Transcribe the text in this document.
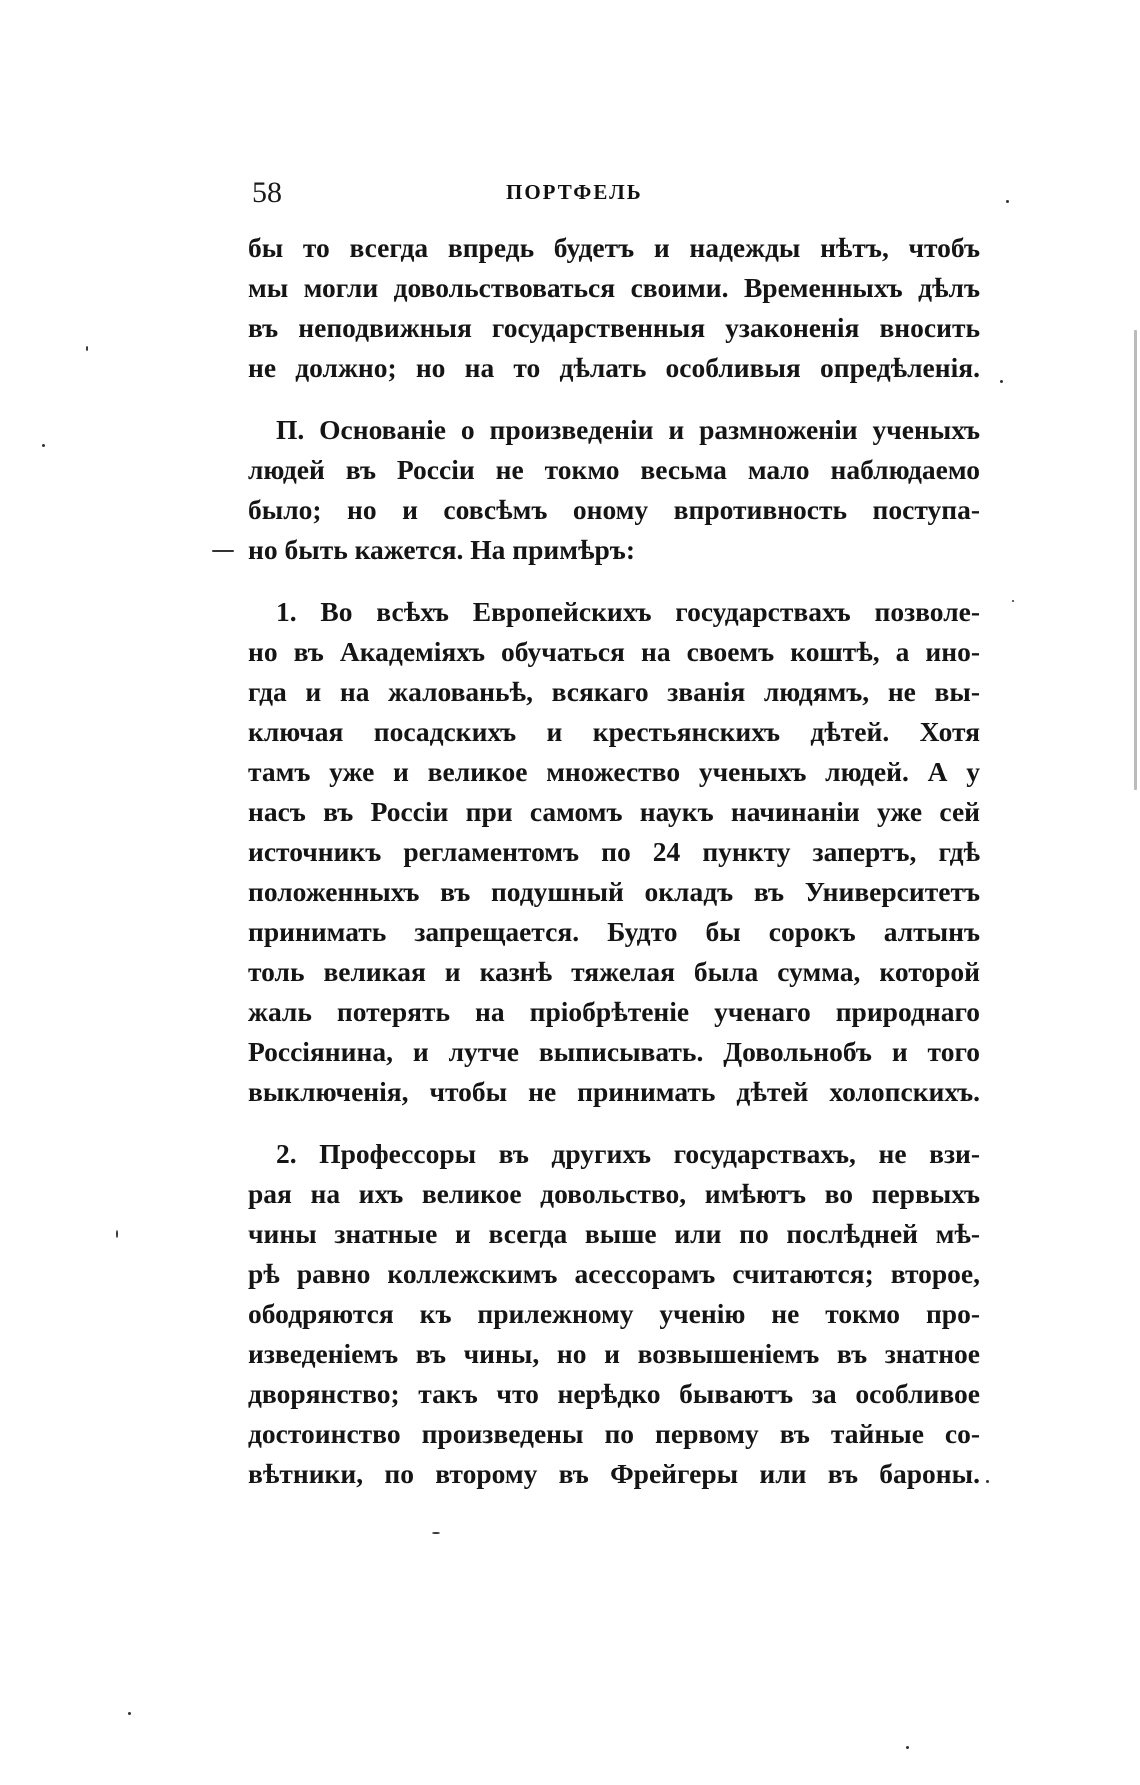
58	ПОРТФЕЛЬ
бы то всегда впредь будетъ и надежды нѣтъ, чтобъ
мы могли довольствоваться своими. Временныхъ дѣлъ
въ неподвижныя государственныя узаконенія вносить
не должно; но на то дѣлать особливыя опредѣленія.
П. Основаніе о произведеніи и размноженіи ученыхъ
людей въ Россіи не токмо весьма мало наблюдаемо
было; но и совсѣмъ оному впротивность поступа-
но быть кажется. На примѣръ:
1. Во всѣхъ Европейскихъ государствахъ позволе-
но въ Академіяхъ обучаться на своемъ коштѣ, а ино-
гда и на жалованьѣ, всякаго званія людямъ, не вы-
ключая посадскихъ и крестьянскихъ дѣтей. Хотя
тамъ уже и великое множество ученыхъ людей. А у
насъ въ Россіи при самомъ наукъ начинаніи уже сей
источникъ регламентомъ по 24 пункту запертъ, гдѣ
положенныхъ въ подушный окладъ въ Университетъ
принимать запрещается. Будто бы сорокъ алтынъ
толь великая и казнѣ тяжелая была сумма, которой
жаль потерять на пріобрѣтеніе ученаго природнаго
Россіянина, и лутче выписывать. Довольнобъ и того
выключенія, чтобы не принимать дѣтей холопскихъ.
2. Профессоры въ другихъ государствахъ, не взи-
рая на ихъ великое довольство, имѣютъ во первыхъ
чины знатные и всегда выше или по послѣдней мѣ-
рѣ равно коллежскимъ асессорамъ считаются; второе,
ободряются къ прилежному ученію не токмо про-
изведеніемъ въ чины, но и возвышеніемъ въ знатное
дворянство; такъ что нерѣдко бываютъ за особливое
достоинство произведены по первому въ тайные со-
вѣтники, по второму въ Фрейгеры или въ бароны.
